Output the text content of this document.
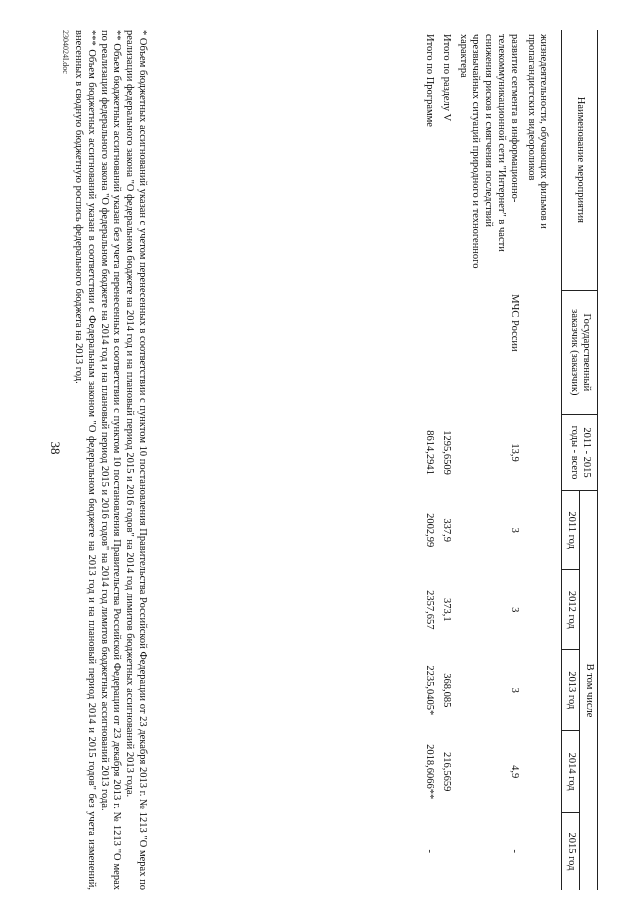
38
Наименование мероприятия	Государственный заказчик (заказчик)	2011 - 2015 годы - всего	В том числе				
			2011 год	2012 год	2013 год	2014 год	2015 год

жизнедеятельности, обучающих фильмов и пропагандистских видеороликов							
развитие сегмента в информационно-телекоммуникационной сети "Интернет" в части снижения рисков и смягчения последствий чрезвычайных ситуаций природного и техногенного характера	МЧС России	13,9	3	3	3	4,9	-
Итого по разделу V		1295,6509	337,9	373,1	368,085	216,5659	
Итого по Программе		8614,2941	2002,99	2357,657	2235,0405*	2018,6066**	-

* Объем бюджетных ассигнований указан с учетом перенесенных в соответствии с пунктом 10 постановления Правительства Российской Федерации от 23 декабря 2013 г. № 1213 "О мерах по реализации федерального закона "О федеральном бюджете на 2014 год и на плановый период 2015 и 2016 годов" на 2014 год лимитов бюджетных ассигнований 2013 года.

** Объем бюджетных ассигнований указан без учета перенесенных в соответствии с пунктом 10 постановления Правительства Российской Федерации от 23 декабря 2013 г. № 1213 "О мерах по реализации федерального закона "О федеральном бюджете на 2014 год и на плановый период 2015 и 2016 годов" на 2014 год лимитов бюджетных ассигнований 2013 года.

*** Объем бюджетных ассигнований указан в соответствии с Федеральным законом "О федеральном бюджете на 2013 год и на плановый период 2014 и 2015 годов" без учета изменений, внесенных в сводную бюджетную роспись федерального бюджета на 2013 год.

2304024l.doc
